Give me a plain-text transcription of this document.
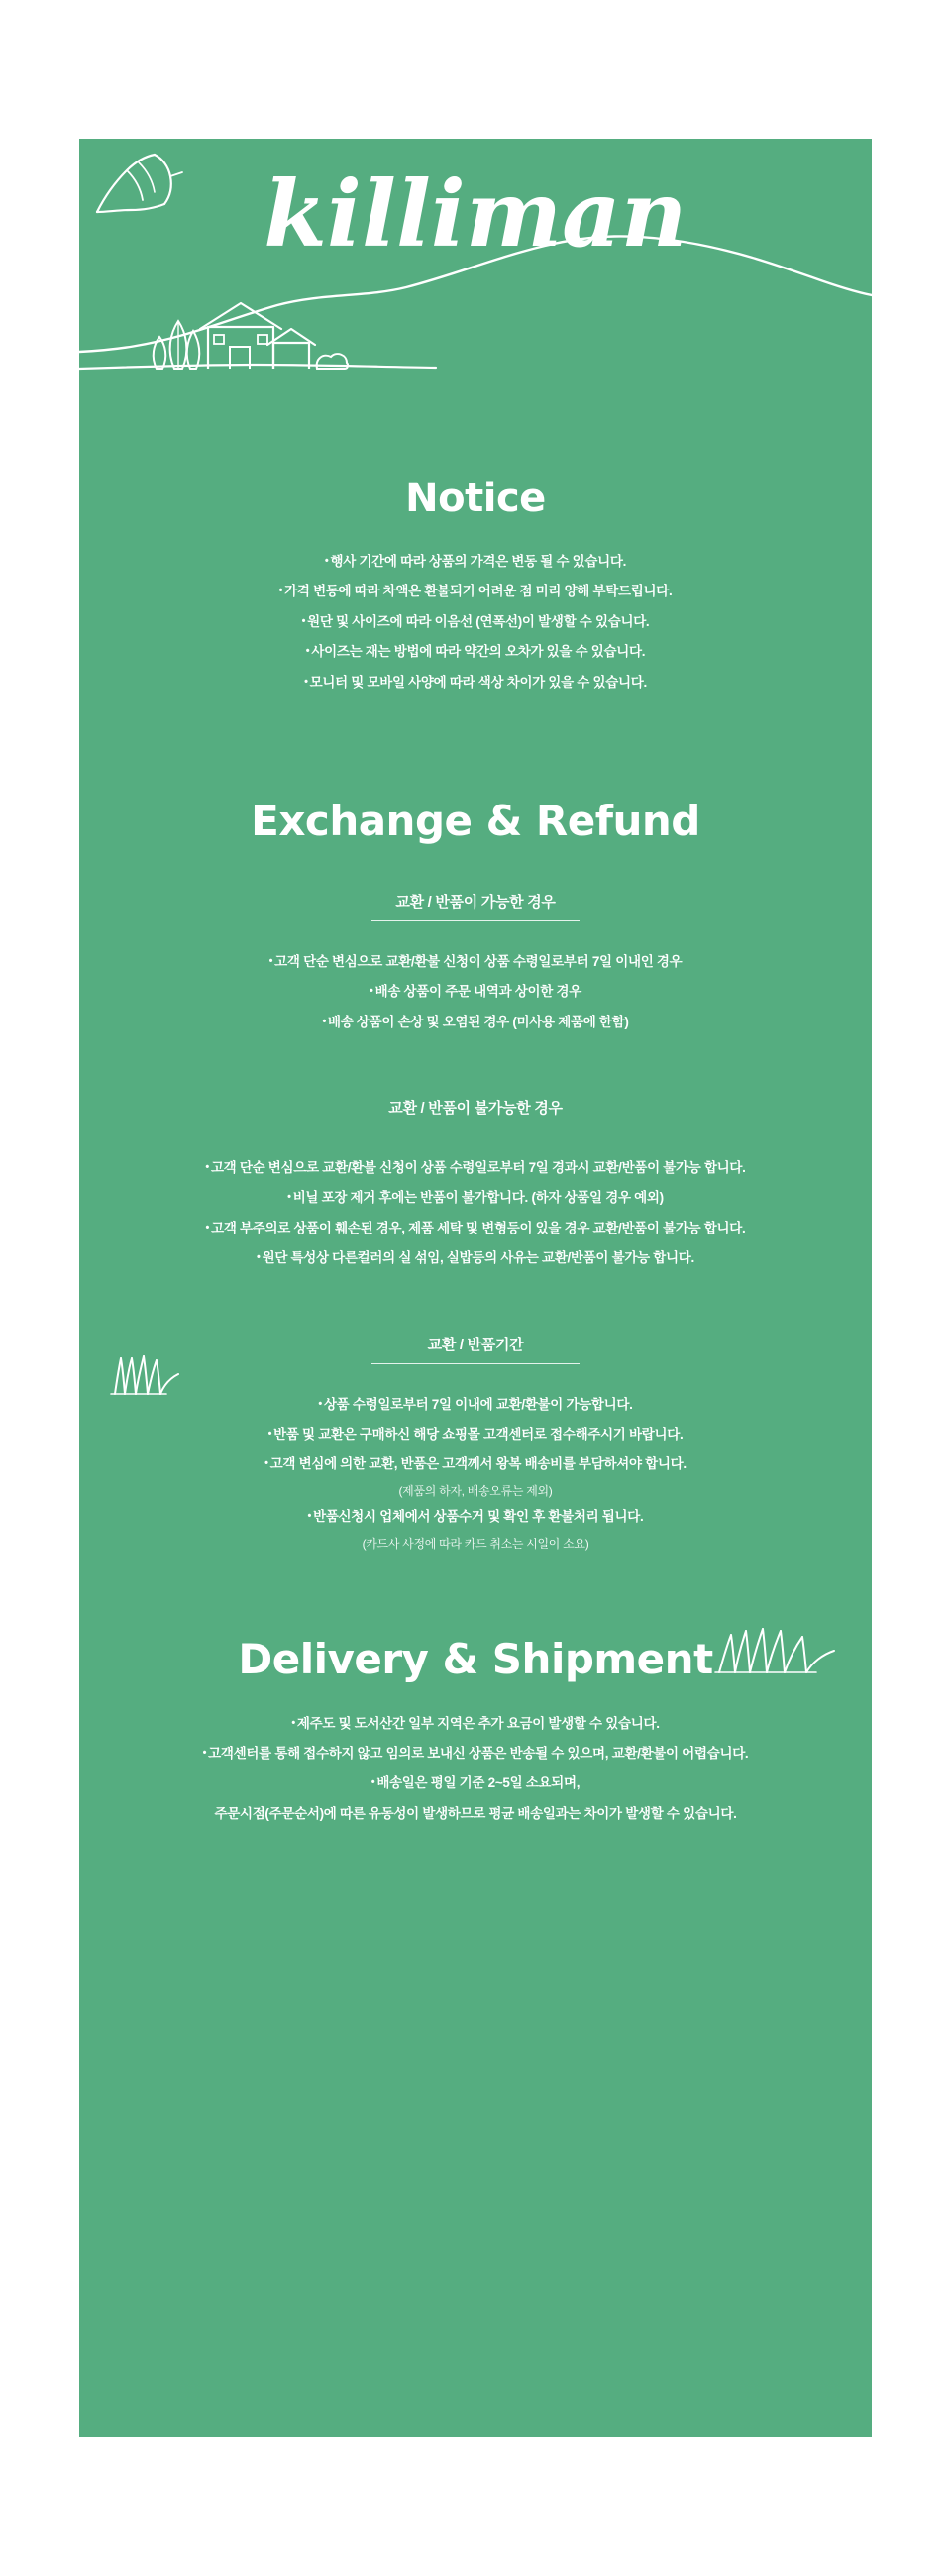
killiman
Notice
• 행사 기간에 따라 상품의 가격은 변동 될 수 있습니다.
• 가격 변동에 따라 차액은 환불되기 어려운 점 미리 양해 부탁드립니다.
• 원단 및 사이즈에 따라 이음선 (연폭선)이 발생할 수 있습니다.
• 사이즈는 재는 방법에 따라 약간의 오차가 있을 수 있습니다.
• 모니터 및 모바일 사양에 따라 색상 차이가 있을 수 있습니다.
Exchange & Refund
교환 / 반품이 가능한 경우
• 고객 단순 변심으로 교환/환불 신청이 상품 수령일로부터 7일 이내인 경우
• 배송 상품이 주문 내역과 상이한 경우
• 배송 상품이 손상 및 오염된 경우 (미사용 제품에 한함)
교환 / 반품이 불가능한 경우
• 고객 단순 변심으로 교환/환불 신청이 상품 수령일로부터 7일 경과시 교환/반품이 불가능 합니다.
• 비닐 포장 제거 후에는 반품이 불가합니다. (하자 상품일 경우 예외)
• 고객 부주의로 상품이 훼손된 경우, 제품 세탁 및 변형등이 있을 경우 교환/반품이 불가능 합니다.
• 원단 특성상 다른컬러의 실 섞임, 실밥등의 사유는 교환/반품이 불가능 합니다.
교환 / 반품기간
• 상품 수령일로부터 7일 이내에 교환/환불이 가능합니다.
• 반품 및 교환은 구매하신 해당 쇼핑몰 고객센터로 접수해주시기 바랍니다.
• 고객 변심에 의한 교환, 반품은 고객께서 왕복 배송비를 부담하셔야 합니다.
(제품의 하자, 배송오류는 제외)
• 반품신청시 업체에서 상품수거 및 확인 후 환불처리 됩니다.
(카드사 사정에 따라 카드 취소는 시일이 소요)
Delivery & Shipment
• 제주도 및 도서산간 일부 지역은 추가 요금이 발생할 수 있습니다.
• 고객센터를 통해 접수하지 않고 임의로 보내신 상품은 반송될 수 있으며, 교환/환불이 어렵습니다.
• 배송일은 평일 기준 2~5일 소요되며,
주문시점(주문순서)에 따른 유동성이 발생하므로 평균 배송일과는 차이가 발생할 수 있습니다.
